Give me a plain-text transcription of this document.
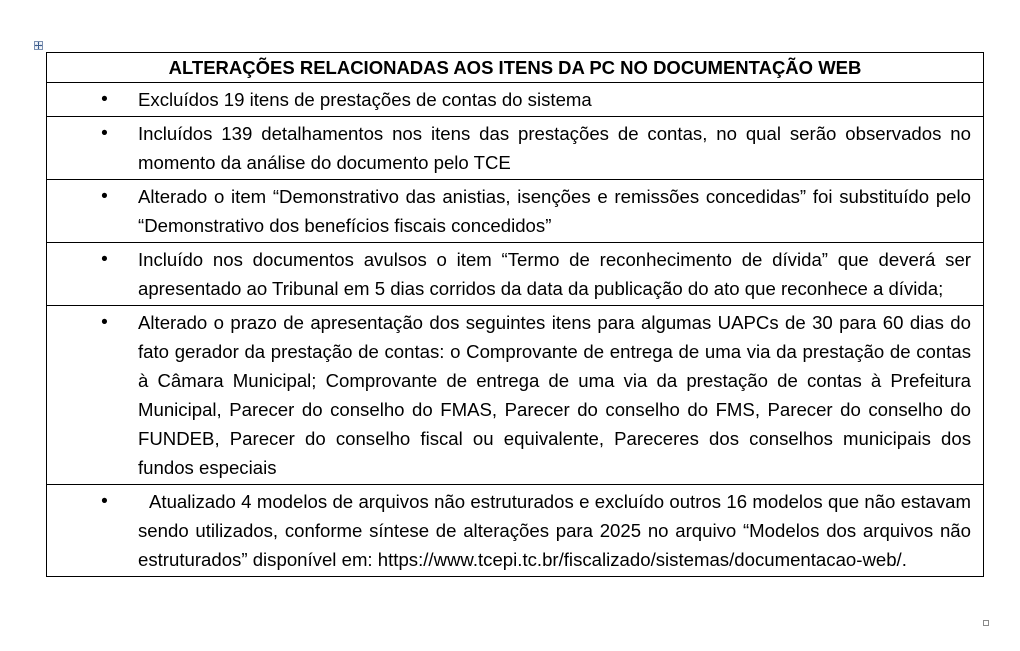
ALTERAÇÕES RELACIONADAS AOS ITENS DA PC NO DOCUMENTAÇÃO WEB

•	Excluídos 19 itens de prestações de contas do sistema

•	Incluídos 139 detalhamentos nos itens das prestações de contas, no qual serão observados no momento da análise do documento pelo TCE

•	Alterado o item “Demonstrativo das anistias, isenções e remissões concedidas” foi substituído pelo “Demonstrativo dos benefícios fiscais concedidos”

•	Incluído nos documentos avulsos o item “Termo de reconhecimento de dívida” que deverá ser apresentado ao Tribunal em 5 dias corridos da data da publicação do ato que reconhece a dívida;

•	Alterado o prazo de apresentação dos seguintes itens para algumas UAPCs de 30 para 60 dias do fato gerador da prestação de contas: o Comprovante de entrega de uma via da prestação de contas à Câmara Municipal; Comprovante de entrega de uma via da prestação de contas à Prefeitura Municipal, Parecer do conselho do FMAS, Parecer do conselho do FMS, Parecer do conselho do FUNDEB, Parecer do conselho fiscal ou equivalente, Pareceres dos conselhos municipais dos fundos especiais

•	Atualizado 4 modelos de arquivos não estruturados e excluído outros 16 modelos que não estavam sendo utilizados, conforme síntese de alterações para 2025 no arquivo “Modelos dos arquivos não estruturados” disponível em: https://www.tcepi.tc.br/fiscalizado/sistemas/documentacao-web/.
